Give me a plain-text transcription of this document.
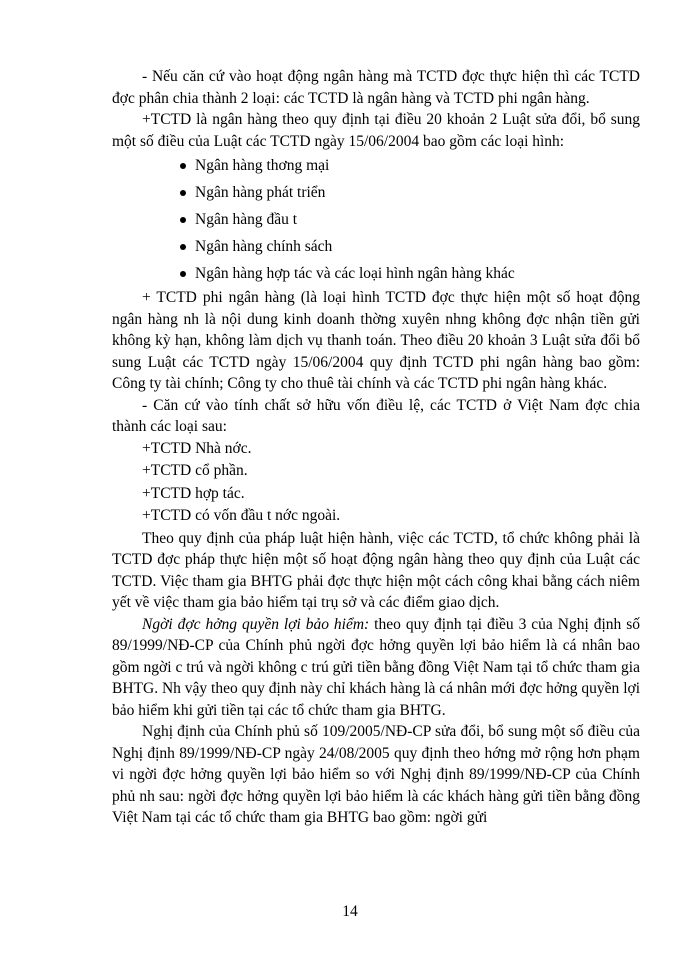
- Nếu căn cứ vào hoạt động ngân hàng mà TCTD đợc thực hiện thì các TCTD đợc phân chia thành 2 loại: các TCTD là ngân hàng và TCTD phi ngân hàng.

+TCTD là ngân hàng theo quy định tại điều 20 khoản 2 Luật sửa đổi, bổ sung một số điều của Luật các TCTD ngày 15/06/2004 bao gồm các loại hình:

Ngân hàng thơng mại
Ngân hàng phát triển
Ngân hàng đầu t
Ngân hàng chính sách
Ngân hàng hợp tác và các loại hình ngân hàng khác

+ TCTD phi ngân hàng (là loại hình TCTD đợc thực hiện một số hoạt động ngân hàng nh là nội dung kinh doanh thờng xuyên nhng không đợc nhận tiền gửi không kỳ hạn, không làm dịch vụ thanh toán. Theo điều 20 khoản 3 Luật sửa đổi bổ sung Luật các TCTD ngày 15/06/2004 quy định TCTD phi ngân hàng bao gồm: Công ty tài chính; Công ty cho thuê tài chính và các TCTD phi ngân hàng khác.

- Căn cứ vào tính chất sở hữu vốn điều lệ, các TCTD ở Việt Nam đợc chia thành các loại sau:

+TCTD Nhà nớc.
+TCTD cổ phần.
+TCTD hợp tác.
+TCTD có vốn đầu t nớc ngoài.

Theo quy định của pháp luật hiện hành, việc các TCTD, tổ chức không phải là TCTD đợc pháp thực hiện một số hoạt động ngân hàng theo quy định của Luật các TCTD. Việc tham gia BHTG phải đợc thực hiện một cách công khai bằng cách niêm yết về việc tham gia bảo hiểm tại trụ sở và các điểm giao dịch.

Ngời đợc hởng quyền lợi bảo hiểm: theo quy định tại điều 3 của Nghị định số 89/1999/NĐ-CP của Chính phủ ngời đợc hởng quyền lợi bảo hiểm là cá nhân bao gồm ngời c trú và ngời không c trú gửi tiền bằng đồng Việt Nam tại tổ chức tham gia BHTG. Nh vậy theo quy định này chỉ khách hàng là cá nhân mới đợc hởng quyền lợi bảo hiểm khi gửi tiền tại các tổ chức tham gia BHTG.

Nghị định của Chính phủ số 109/2005/NĐ-CP sửa đổi, bổ sung một số điều của Nghị định 89/1999/NĐ-CP ngày 24/08/2005 quy định theo hớng mở rộng hơn phạm vi ngời đợc hởng quyền lợi bảo hiểm so với Nghị định 89/1999/NĐ-CP của Chính phủ nh sau: ngời đợc hởng quyền lợi bảo hiểm là các khách hàng gửi tiền bằng đồng Việt Nam tại các tổ chức tham gia BHTG bao gồm: ngời gửi

14
